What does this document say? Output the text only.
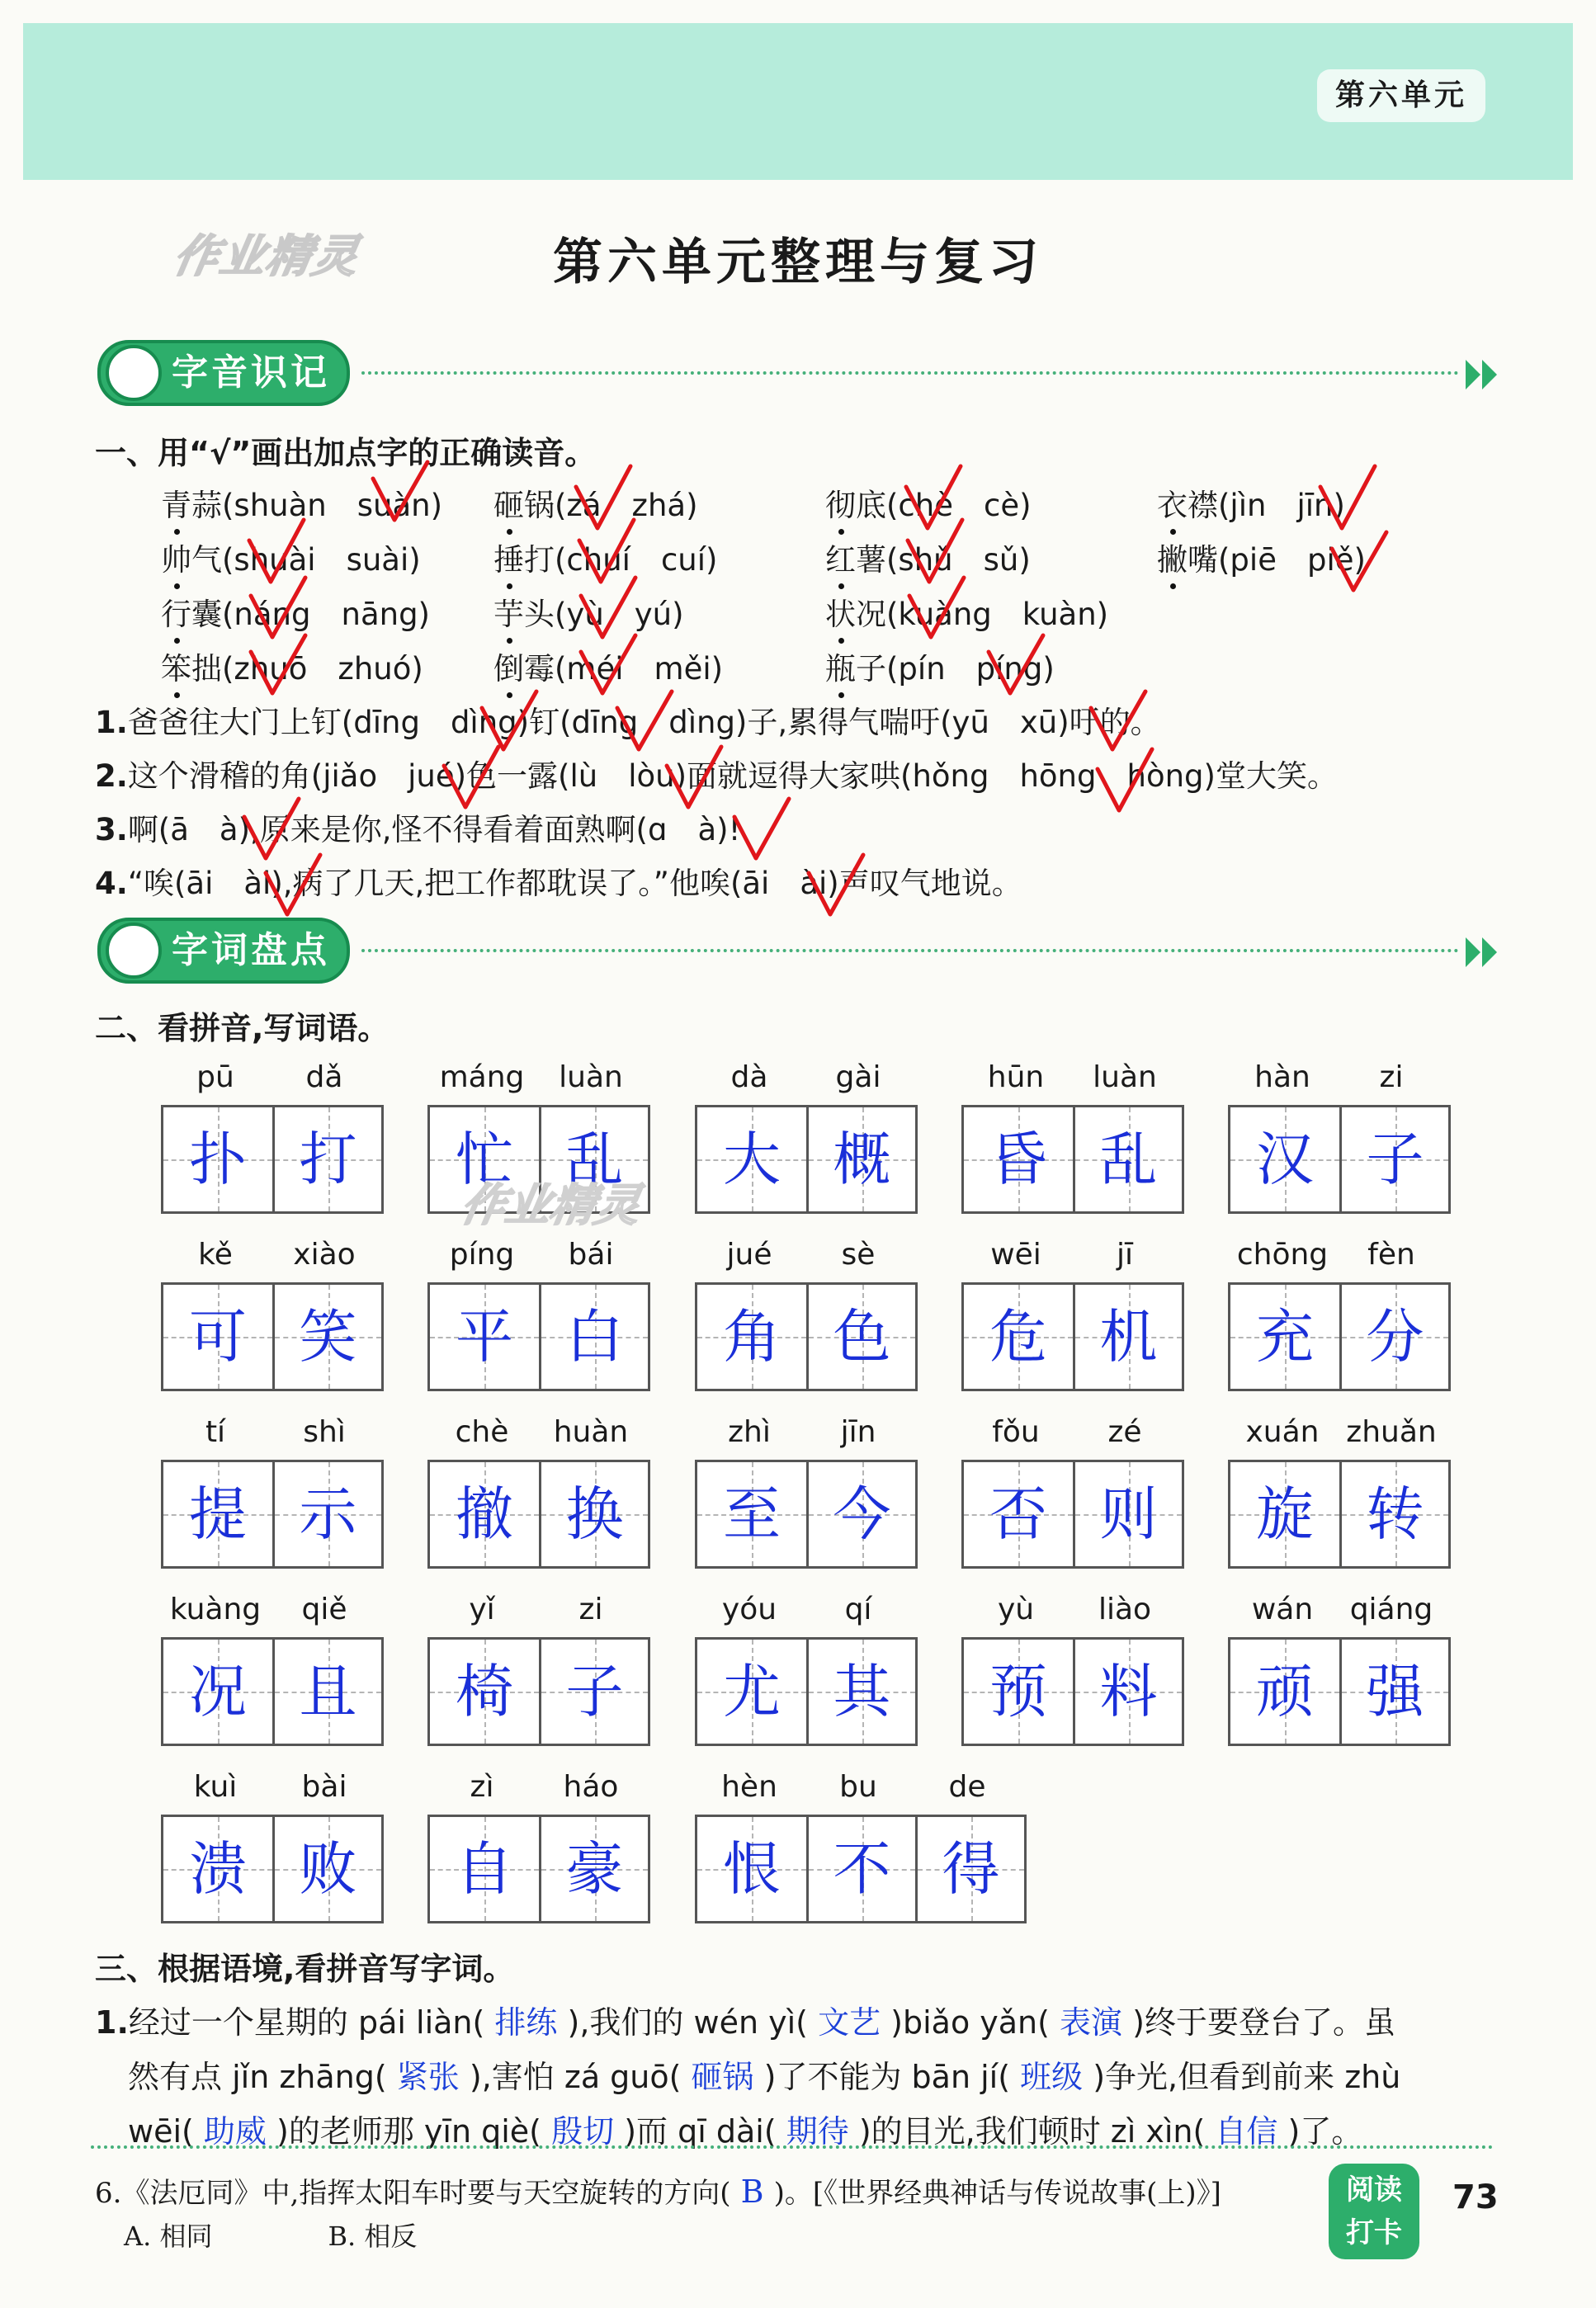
第六单元
作业精灵	第六单元整理与复习
字音识记
一、用“√”画出加点字的正确读音。
青蒜(shuàn　suàn) 砸锅(zá　zhá)	彻底(chè　cè)	衣襟(jìn　jīn)
帅气(shuài　suài) 捶打(chuí　cuí)	红薯(shǔ　sǔ)	撇嘴(piē　piě)
行囊(náng　nāng) 芋头(yù　yú)	状况(kuàng　kuàn)
笨拙(zhuō　zhuó) 倒霉(méi　měi)	瓶子(pín　píng)
1.爸爸往大门上钉(dīng　dìng)钉(dīng　dìng)子,累得气喘吁(yū　xū)吁的。
2.这个滑稽的角(jiǎo　jué)色一露(lù　lòu)面就逗得大家哄(hǒng　hōng　hòng)堂大笑。
3.啊(ā　à),原来是你,怪不得看着面熟啊(ɑ　à)!
4.“唉(āi　ài),病了几天,把工作都耽误了。”他唉(āi　ài)声叹气地说。
字词盘点
二、看拼音,写词语。
pū	dǎ
扑 打
máng	luàn
忙 乱
dà	gài
大 概
hūn	luàn
昏 乱
hàn	zi
汉 子
kě	xiào
可 笑
píng	bái
平 白
jué	sè
角 色
wēi	jī
危 机
chōng	fèn
充 分
tí	shì
提 示
chè	huàn
撤 换
zhì	jīn
至 今
fǒu	zé
否 则
xuán zhuǎn
旋 转
kuàng	qiě
况 且
yǐ	zi
椅 子
yóu	qí
尤 其
yù	liào
预 料
wán	qiáng
顽 强
kuì	bài
溃 败
zì	háo
自 豪
hèn	bu	de
恨 不 得
作业精灵
三、根据语境,看拼音写字词。
1.经过一个星期的 pái liàn( 排练 ),我们的 wén yì( 文艺 )biǎo yǎn( 表演 )终于要登台了。虽
然有点 jǐn zhāng( 紧张 ),害怕 zá guō( 砸锅 )了不能为 bān jí( 班级 )争光,但看到前来 zhù
wēi( 助威 )的老师那 yīn qiè( 殷切 )而 qī dài( 期待 )的目光,我们顿时 zì xìn( 自信 )了。
6.《法厄同》中,指挥太阳车时要与天空旋转的方向( B )。[《世界经典神话与传说故事(上)》]
A. 相同	B. 相反
阅读
打卡
73
